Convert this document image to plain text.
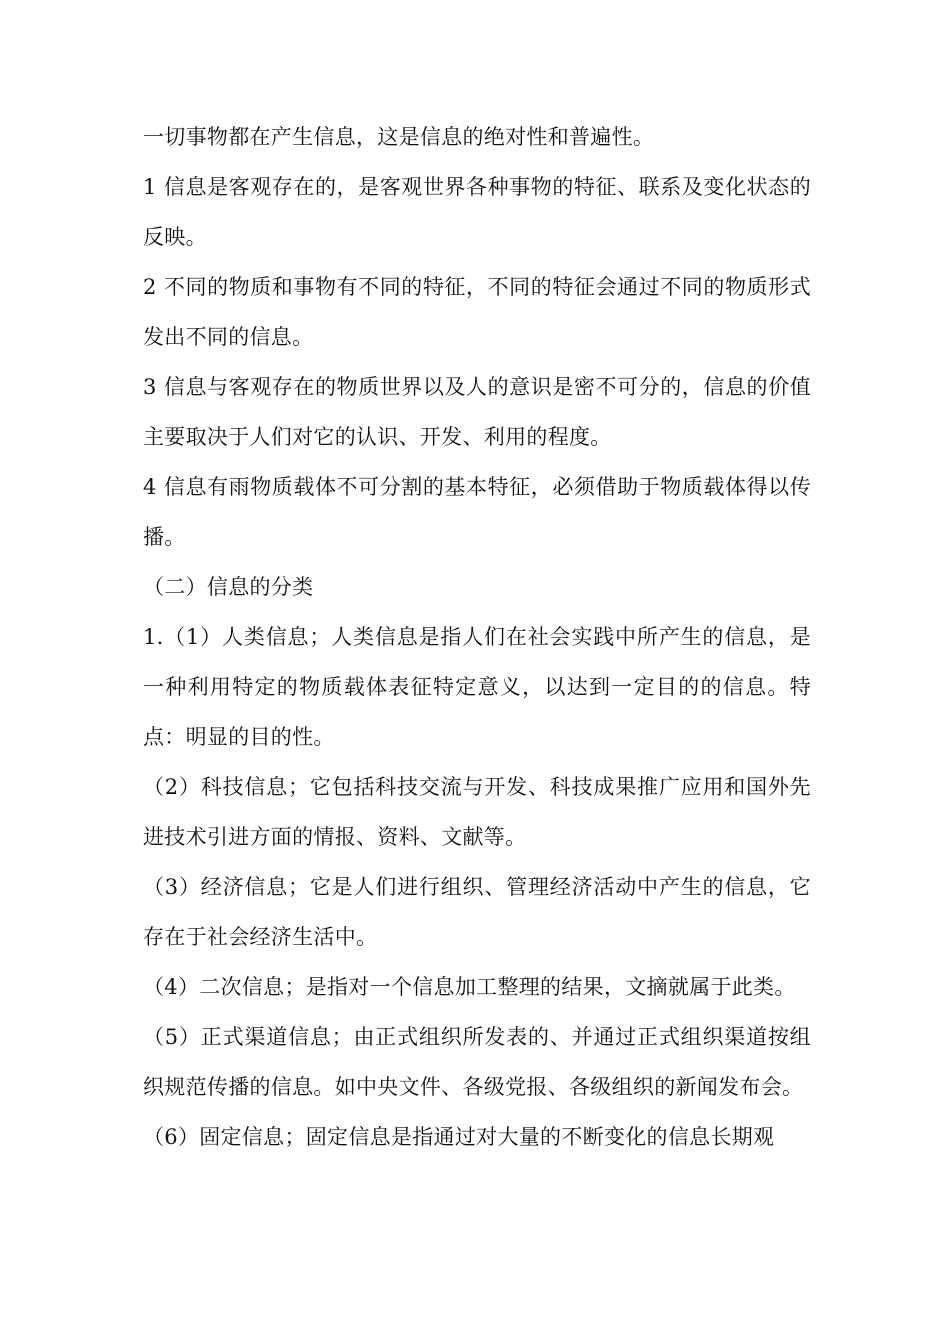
一切事物都在产生信息，这是信息的绝对性和普遍性。

1 信息是客观存在的，是客观世界各种事物的特征、联系及变化状态的反映。

2 不同的物质和事物有不同的特征，不同的特征会通过不同的物质形式发出不同的信息。

3 信息与客观存在的物质世界以及人的意识是密不可分的，信息的价值主要取决于人们对它的认识、开发、利用的程度。

4 信息有雨物质载体不可分割的基本特征，必须借助于物质载体得以传播。

（二）信息的分类

1.（1）人类信息；人类信息是指人们在社会实践中所产生的信息，是一种利用特定的物质载体表征特定意义，以达到一定目的的信息。特点：明显的目的性。

（2）科技信息；它包括科技交流与开发、科技成果推广应用和国外先进技术引进方面的情报、资料、文献等。

（3）经济信息；它是人们进行组织、管理经济活动中产生的信息，它存在于社会经济生活中。

（4）二次信息；是指对一个信息加工整理的结果，文摘就属于此类。

（5）正式渠道信息；由正式组织所发表的、并通过正式组织渠道按组织规范传播的信息。如中央文件、各级党报、各级组织的新闻发布会。

（6）固定信息；固定信息是指通过对大量的不断变化的信息长期观
